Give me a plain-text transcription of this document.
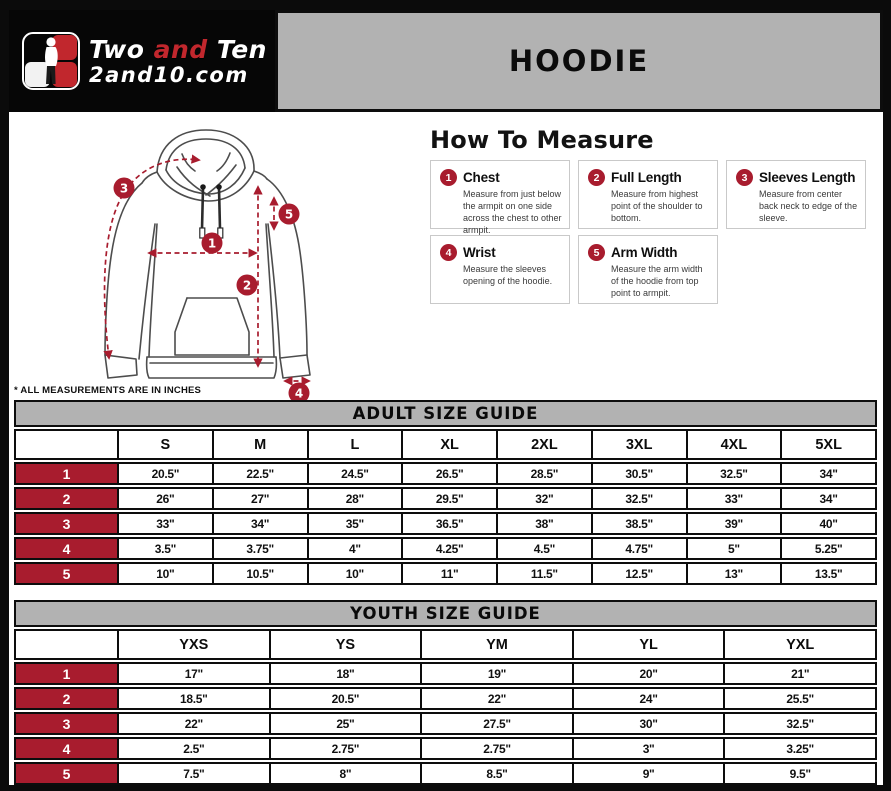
Two and Ten
2and10.com	HOODIE
1
2
3
4
5
* ALL MEASUREMENTS ARE IN INCHES
How To Measure
1 Chest
Measure from just below the armpit on one side across the chest to other armpit.
2 Full Length
Measure from highest point of the shoulder to bottom.
3 Sleeves Length
Measure from center back neck to edge of the sleeve.
4 Wrist
Measure the sleeves opening of the hoodie.
5 Arm Width
Measure the arm width of the hoodie from top point to armpit.
ADULT SIZE GUIDE
S	M	L	XL	2XL	3XL	4XL	5XL
1	20.5"	22.5"	24.5"	26.5"	28.5"	30.5"	32.5"	34"
2	26"	27"	28"	29.5"	32"	32.5"	33"	34"
3	33"	34"	35"	36.5"	38"	38.5"	39"	40"
4	3.5"	3.75"	4"	4.25"	4.5"	4.75"	5"	5.25"
5	10"	10.5"	10"	11"	11.5"	12.5"	13"	13.5"
YOUTH SIZE GUIDE
YXS	YS	YM	YL	YXL
1	17"	18"	19"	20"	21"
2	18.5"	20.5"	22"	24"	25.5"
3	22"	25"	27.5"	30"	32.5"
4	2.5"	2.75"	2.75"	3"	3.25"
5	7.5"	8"	8.5"	9"	9.5"
